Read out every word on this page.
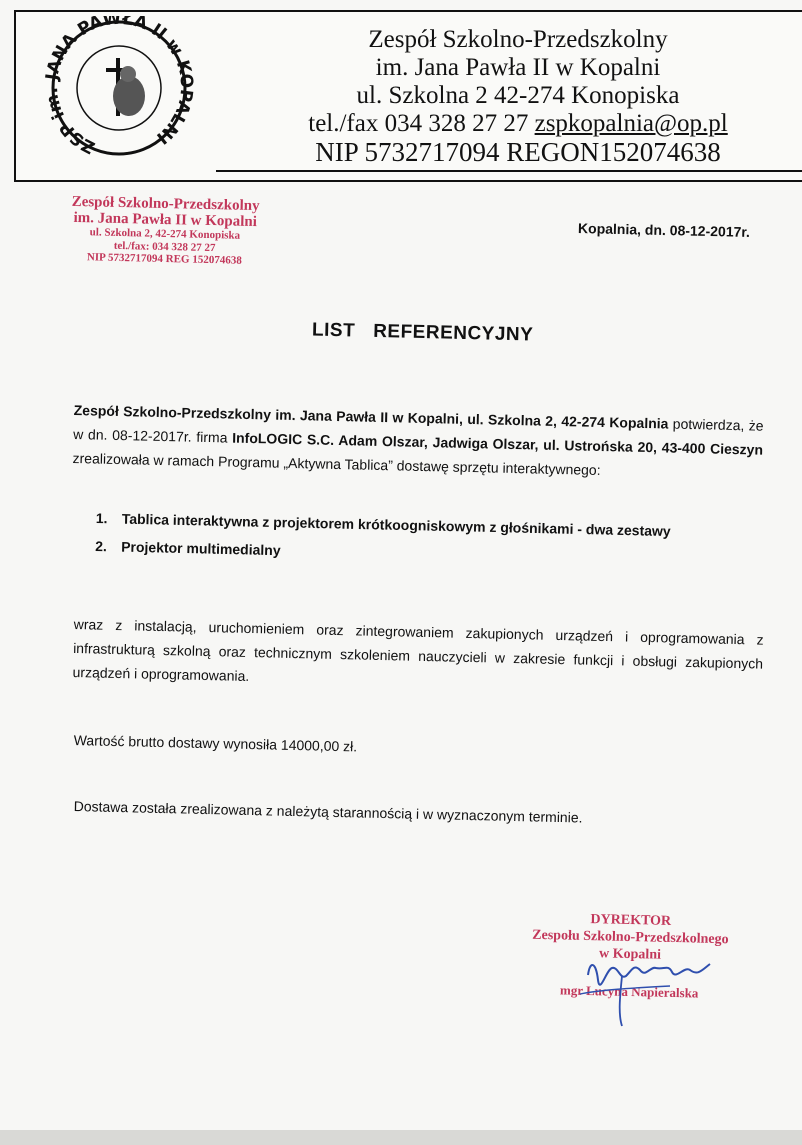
ZSP im. JANA PAWŁA II w KOPALNI
Zespół Szkolno-Przedszkolny
im. Jana Pawła II w Kopalni
ul. Szkolna 2 42-274 Konopiska
tel./fax 034 328 27 27 zspkopalnia@op.pl
NIP 5732717094 REGON152074638
Zespół Szkolno-Przedszkolny
im. Jana Pawła II w Kopalni
ul. Szkolna 2, 42-274 Konopiska
tel./fax: 034 328 27 27
NIP 5732717094 REG 152074638
Kopalnia, dn. 08-12-2017r.
LIST REFERENCYJNY
Zespół Szkolno-Przedszkolny im. Jana Pawła II w Kopalni, ul. Szkolna 2, 42-274 Kopalnia potwierdza, że w dn. 08-12-2017r. firma InfoLOGIC S.C. Adam Olszar, Jadwiga Olszar, ul. Ustrońska 20, 43-400 Cieszyn zrealizowała w ramach Programu „Aktywna Tablica” dostawę sprzętu interaktywnego:
1. Tablica interaktywna z projektorem krótkoogniskowym z głośnikami - dwa zestawy
2. Projektor multimedialny
wraz z instalacją, uruchomieniem oraz zintegrowaniem zakupionych urządzeń i oprogramowania z infrastrukturą szkolną oraz technicznym szkoleniem nauczycieli w zakresie funkcji i obsługi zakupionych urządzeń i oprogramowania.
Wartość brutto dostawy wynosiła 14000,00 zł.
Dostawa została zrealizowana z należytą starannością i w wyznaczonym terminie.
DYREKTOR
Zespołu Szkolno-Przedszkolnego
w Kopalni
mgr Lucyna Napieralska
